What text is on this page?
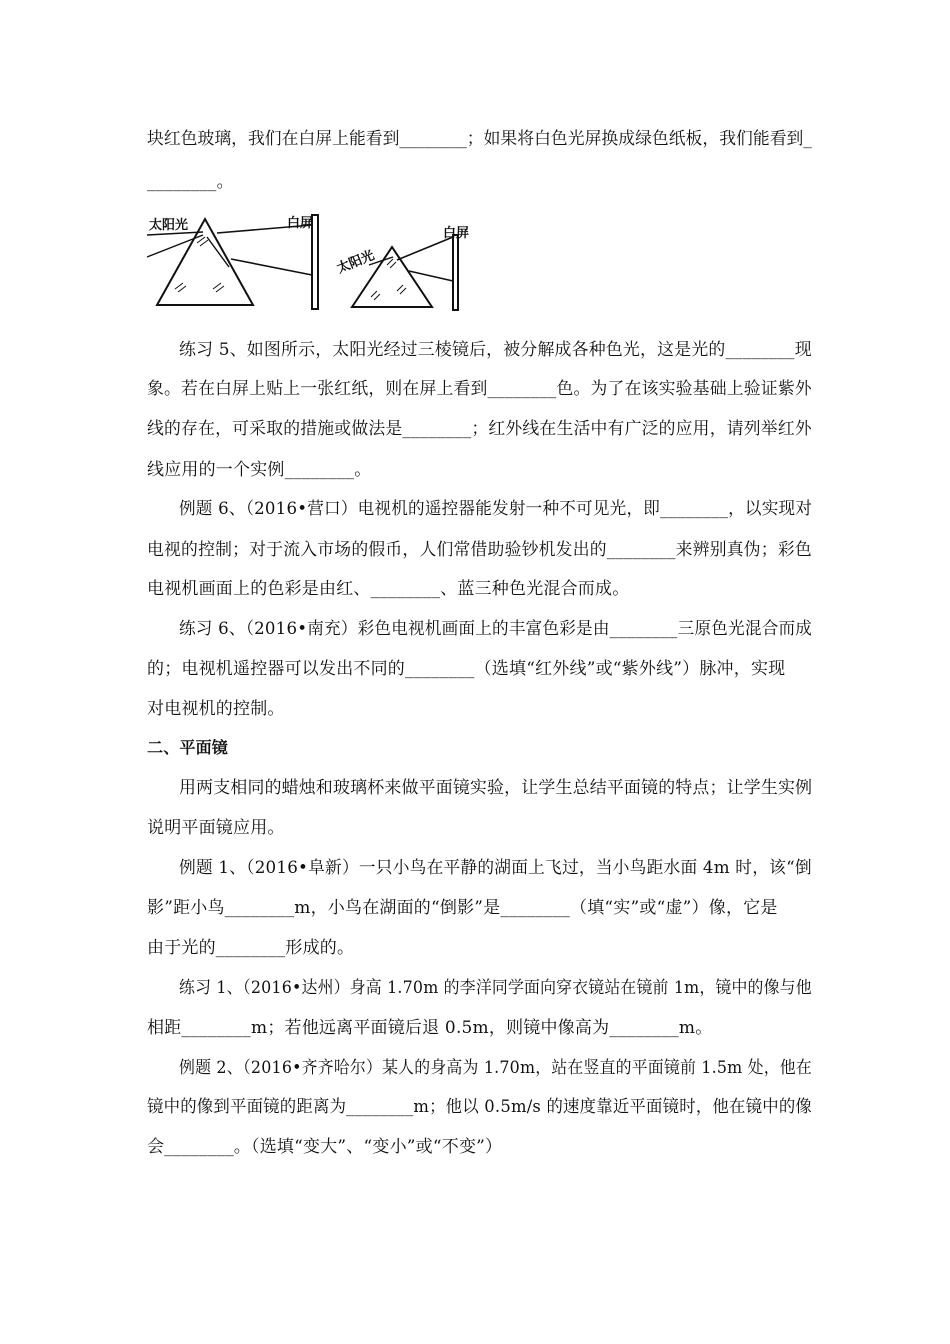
块红色玻璃，我们在白屏上能看到________；如果将白色光屏换成绿色纸板，我们能看到_
________。
太阳光	白屏
太阳光
白屏
练习 5、如图所示，太阳光经过三棱镜后，被分解成各种色光，这是光的________现
象。若在白屏上贴上一张红纸，则在屏上看到________色。为了在该实验基础上验证紫外
线的存在，可采取的措施或做法是________；红外线在生活中有广泛的应用，请列举红外
线应用的一个实例________。
例题 6、（2016•营口）电视机的遥控器能发射一种不可见光，即________，以实现对
电视的控制；对于流入市场的假币，人们常借助验钞机发出的________来辨别真伪；彩色
电视机画面上的色彩是由红、________、蓝三种色光混合而成。
练习 6、（2016•南充）彩色电视机画面上的丰富色彩是由________三原色光混合而成
的；电视机遥控器可以发出不同的________（选填“红外线”或“紫外线”）脉冲，实现
对电视机的控制。
二、平面镜
用两支相同的蜡烛和玻璃杯来做平面镜实验，让学生总结平面镜的特点；让学生实例
说明平面镜应用。
例题 1、（2016•阜新）一只小鸟在平静的湖面上飞过，当小鸟距水面 4m 时，该“倒
影”距小鸟________m，小鸟在湖面的“倒影”是________（填“实”或“虚”）像，它是
由于光的________形成的。
练习 1、（2016•达州）身高 1.70m 的李洋同学面向穿衣镜站在镜前 1m，镜中的像与他
相距________m；若他远离平面镜后退 0.5m，则镜中像高为________m。
例题 2、（2016•齐齐哈尔）某人的身高为 1.70m，站在竖直的平面镜前 1.5m 处，他在
镜中的像到平面镜的距离为________m；他以 0.5m/s 的速度靠近平面镜时，他在镜中的像
会________。（选填“变大”、“变小”或“不变”）
